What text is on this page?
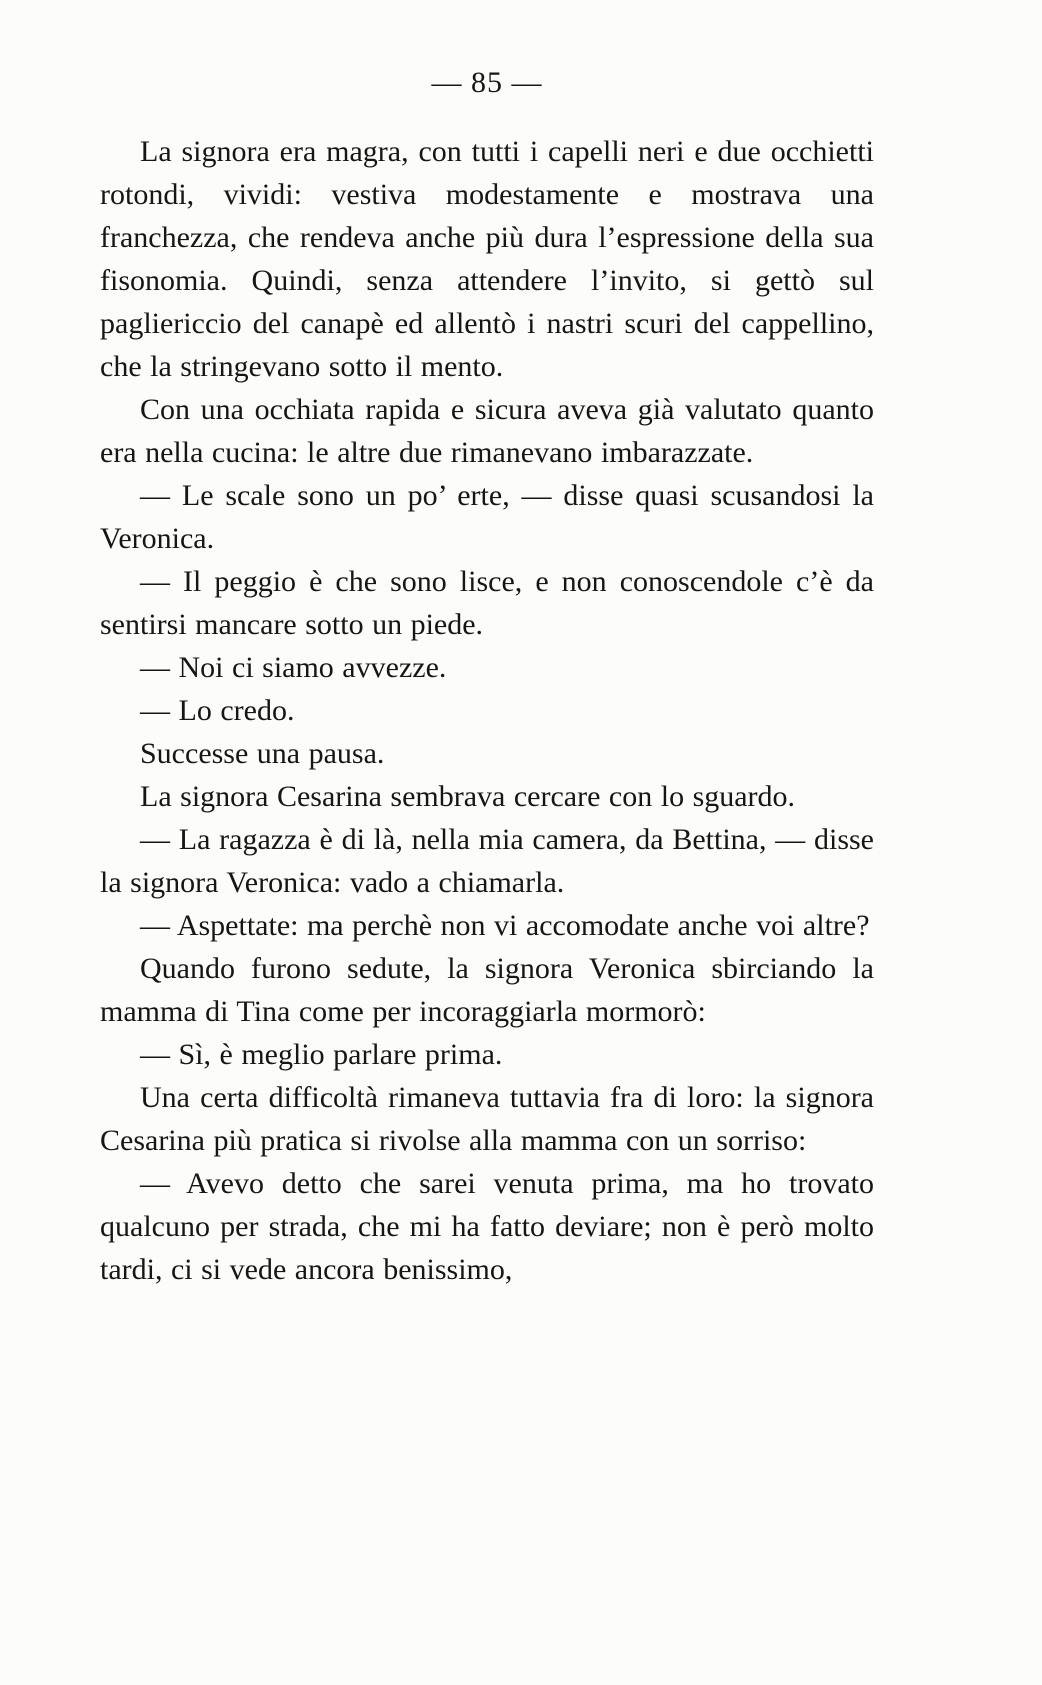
— 85 —

La signora era magra, con tutti i capelli neri e due occhietti rotondi, vividi: vestiva modestamente e mostrava una franchezza, che rendeva anche più dura l’espressione della sua fisonomia. Quindi, senza attendere l’invito, si gettò sul pagliericcio del canapè ed allentò i nastri scuri del cappellino, che la stringevano sotto il mento.

Con una occhiata rapida e sicura aveva già valutato quanto era nella cucina: le altre due rimanevano imbarazzate.

— Le scale sono un po’ erte, — disse quasi scusandosi la Veronica.

— Il peggio è che sono lisce, e non conoscendole c’è da sentirsi mancare sotto un piede.

— Noi ci siamo avvezze.

— Lo credo.

Successe una pausa.

La signora Cesarina sembrava cercare con lo sguardo.

— La ragazza è di là, nella mia camera, da Bettina, — disse la signora Veronica: vado a chiamarla.

— Aspettate: ma perchè non vi accomodate anche voi altre?

Quando furono sedute, la signora Veronica sbirciando la mamma di Tina come per incoraggiarla mormorò:

— Sì, è meglio parlare prima.

Una certa difficoltà rimaneva tuttavia fra di loro: la signora Cesarina più pratica si rivolse alla mamma con un sorriso:

— Avevo detto che sarei venuta prima, ma ho trovato qualcuno per strada, che mi ha fatto deviare; non è però molto tardi, ci si vede ancora benissimo,
